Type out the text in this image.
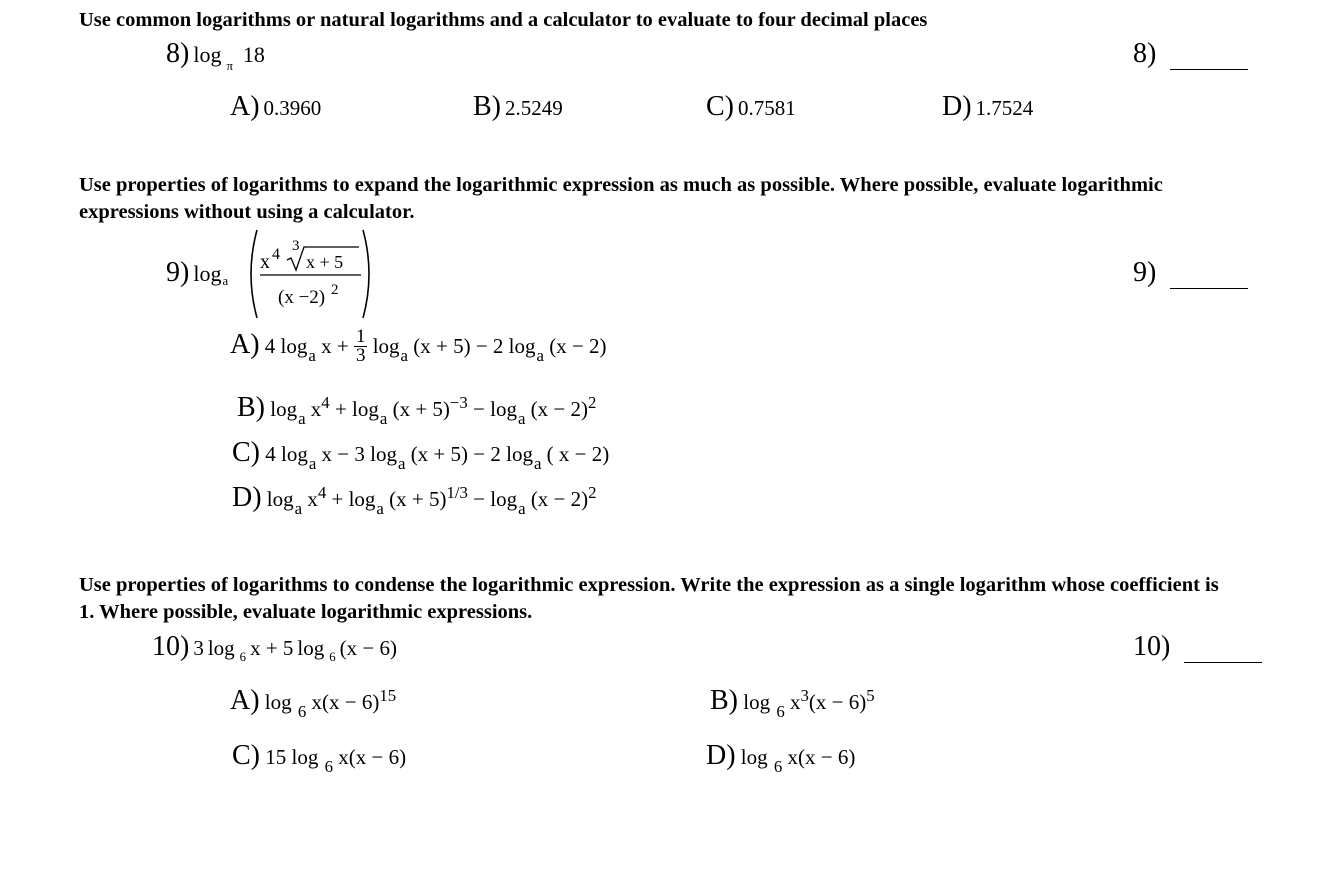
Use common logarithms or natural logarithms and a calculator to evaluate to four decimal places
8) log $_\pi$ 18	8)
A) 0.3960	B) 2.5249	C) 0.7581	D) 1.7524
Use properties of logarithms to expand the logarithmic expression as much as possible. Where possible, evaluate logarithmic expressions without using a calculator.
9) $\log_a$
x 4 3
x + 5
(x −2) 2
9)
A) 4 $\log_a x + \frac{1}{3} \log_a (x + 5) - 2$ $\log_a (x - 2)$
B) $\log_a x^4 + \log_a (x + 5)^{-3} - \log_a (x - 2)^2$
C) 4 $\log_a x - 3$ $\log_a (x + 5) - 2$ $\log_a$ ( x − 2)
D) $\log_a x^4 + \log_a (x + 5)^{1/3} - \log_a (x - 2)^2$
Use properties of logarithms to condense the logarithmic expression. Write the expression as a single logarithm whose coefficient is 1. Where possible, evaluate logarithmic expressions.
10) 3 log $_6$ x + 5 log $_6$ (x − 6)	10)
A) log $_6$ $x(x - 6)^{15}$	B) log $_6$ $x^3(x - 6)^5$
C) 15 log $_6$ x(x − 6)	D) log $_6$ x(x − 6)
